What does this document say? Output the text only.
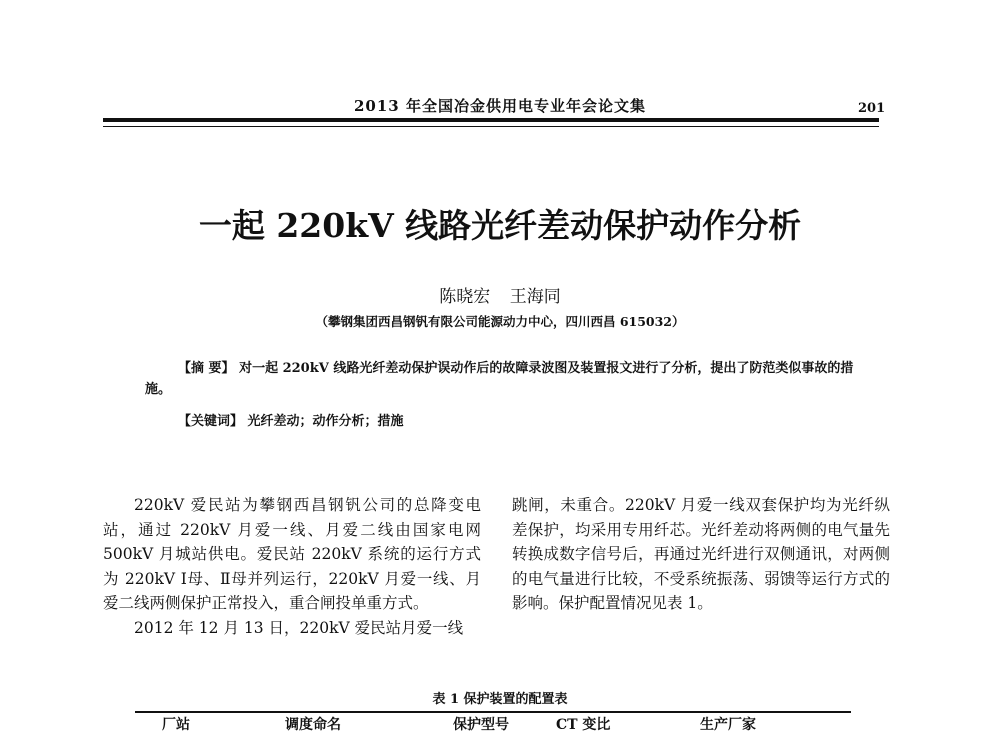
2013 年全国冶金供用电专业年会论文集	201
一起 220kV 线路光纤差动保护动作分析
陈晓宏 王海同
（攀钢集团西昌钢钒有限公司能源动力中心，四川西昌 615032）
【摘 要】 对一起 220kV 线路光纤差动保护误动作后的故障录波图及装置报文进行了分析，提出了防范类似事故的措施。
【关键词】 光纤差动；动作分析；措施

220kV 爱民站为攀钢西昌钢钒公司的总降变电站，通过 220kV 月爱一线、月爱二线由国家电网 500kV 月城站供电。爱民站 220kV 系统的运行方式为 220kV Ⅰ母、Ⅱ母并列运行，220kV 月爱一线、月爱二线两侧保护正常投入，重合闸投单重方式。

2012 年 12 月 13 日，220kV 爱民站月爱一线

跳闸，未重合。220kV 月爱一线双套保护均为光纤纵差保护，均采用专用纤芯。光纤差动将两侧的电气量先转换成数字信号后，再通过光纤进行双侧通讯，对两侧的电气量进行比较，不受系统振荡、弱馈等运行方式的影响。保护配置情况见表 1。

表 1 保护装置的配置表
厂站	调度命名	保护型号	CT 变比	生产厂家
